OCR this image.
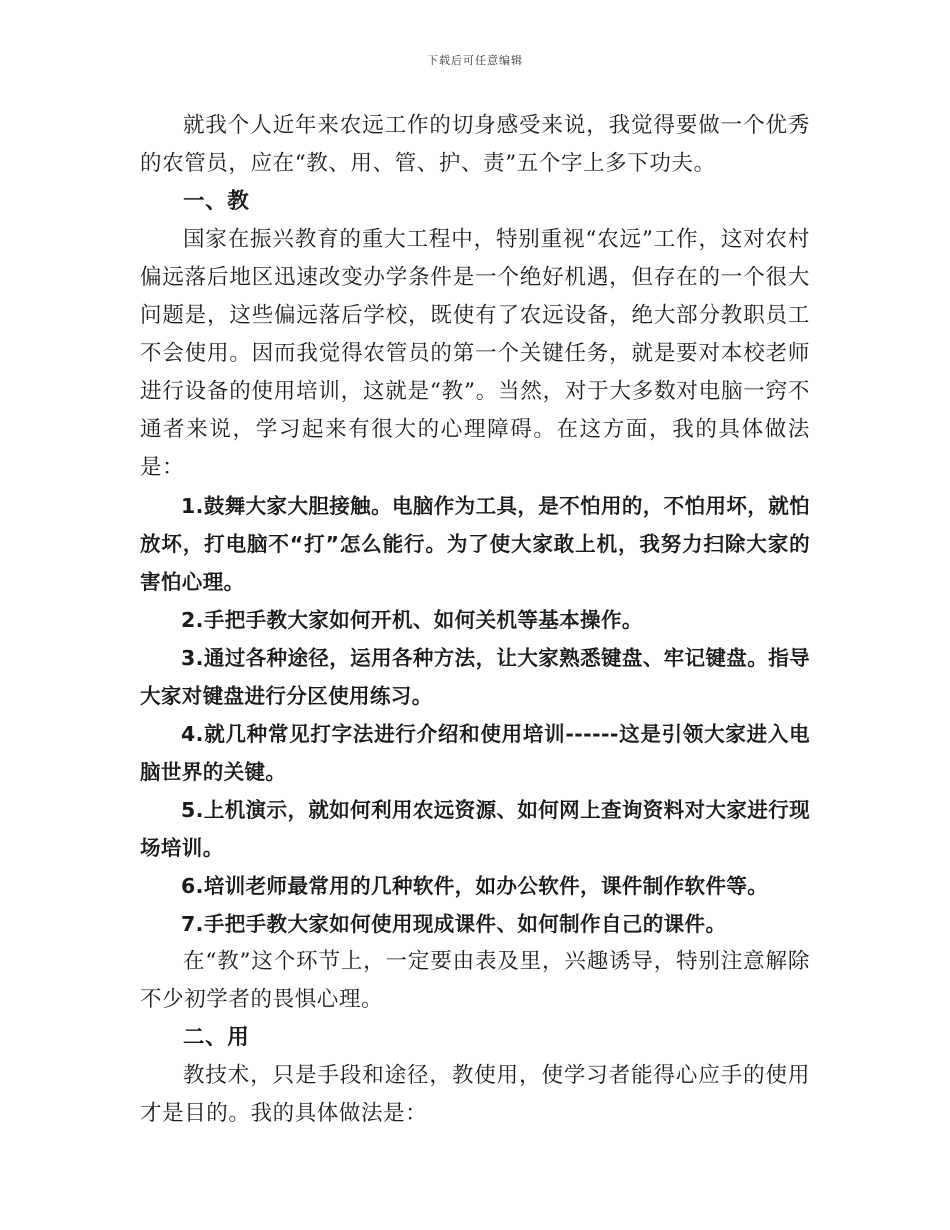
下载后可任意编辑

就我个人近年来农远工作的切身感受来说，我觉得要做一个优秀的农管员，应在“教、用、管、护、责”五个字上多下功夫。

一、教

国家在振兴教育的重大工程中，特别重视“农远”工作，这对农村偏远落后地区迅速改变办学条件是一个绝好机遇，但存在的一个很大问题是，这些偏远落后学校，既使有了农远设备，绝大部分教职员工不会使用。因而我觉得农管员的第一个关键任务，就是要对本校老师进行设备的使用培训，这就是“教”。当然，对于大多数对电脑一窍不通者来说，学习起来有很大的心理障碍。在这方面，我的具体做法是：

1.鼓舞大家大胆接触。电脑作为工具，是不怕用的，不怕用坏，就怕放坏，打电脑不“打”怎么能行。为了使大家敢上机，我努力扫除大家的害怕心理。

2.手把手教大家如何开机、如何关机等基本操作。

3.通过各种途径，运用各种方法，让大家熟悉键盘、牢记键盘。指导大家对键盘进行分区使用练习。

4.就几种常见打字法进行介绍和使用培训------这是引领大家进入电脑世界的关键。

5.上机演示，就如何利用农远资源、如何网上查询资料对大家进行现场培训。

6.培训老师最常用的几种软件，如办公软件，课件制作软件等。

7.手把手教大家如何使用现成课件、如何制作自己的课件。

在“教”这个环节上，一定要由表及里，兴趣诱导，特别注意解除不少初学者的畏惧心理。

二、用

教技术，只是手段和途径，教使用，使学习者能得心应手的使用才是目的。我的具体做法是：
